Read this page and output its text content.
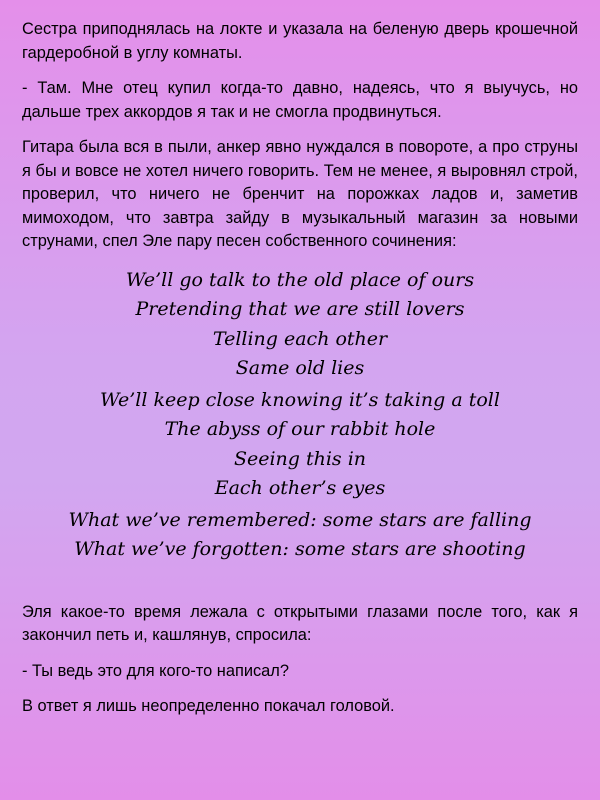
Сестра приподнялась на локте и указала на беленую дверь крошечной гардеробной в углу комнаты.

- Там. Мне отец купил когда-то давно, надеясь, что я выучусь, но дальше трех аккордов я так и не смогла продвинуться.

Гитара была вся в пыли, анкер явно нуждался в повороте, а про струны я бы и вовсе не хотел ничего говорить. Тем не менее, я выровнял строй, проверил, что ничего не бренчит на порожках ладов и, заметив мимоходом, что завтра зайду в музыкальный магазин за новыми струнами, спел Эле пару песен собственного сочинения:

We’ll go talk to the old place of ours
Pretending that we are still lovers
Telling each other
Same old lies
We’ll keep close knowing it’s taking a toll
The abyss of our rabbit hole
Seeing this in
Each other’s eyes
What we’ve remembered: some stars are falling
What we’ve forgotten: some stars are shooting

Эля какое-то время лежала с открытыми глазами после того, как я закончил петь и, кашлянув, спросила:

- Ты ведь это для кого-то написал?

В ответ я лишь неопределенно покачал головой.
